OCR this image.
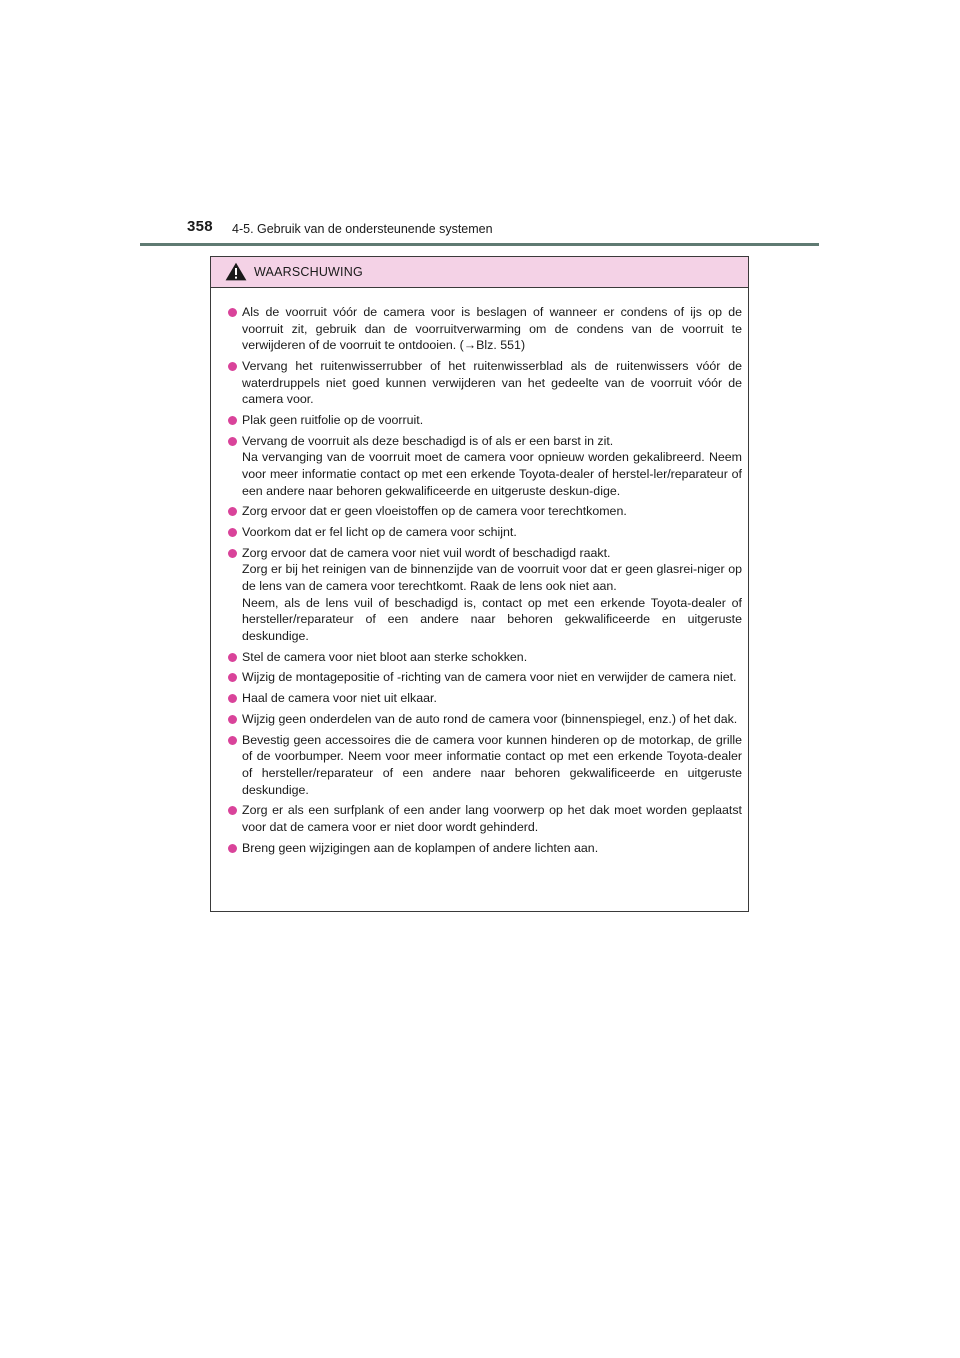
358 4-5. Gebruik van de ondersteunende systemen
WAARSCHUWING
Als de voorruit vóór de camera voor is beslagen of wanneer er condens of ijs op de voorruit zit, gebruik dan de voorruitverwarming om de condens van de voorruit te verwijderen of de voorruit te ontdooien. (→Blz. 551)
Vervang het ruitenwisserrubber of het ruitenwisserblad als de ruitenwissers vóór de waterdruppels niet goed kunnen verwijderen van het gedeelte van de voorruit vóór de camera voor.
Plak geen ruitfolie op de voorruit.
Vervang de voorruit als deze beschadigd is of als er een barst in zit.
Na vervanging van de voorruit moet de camera voor opnieuw worden gekalibreerd. Neem voor meer informatie contact op met een erkende Toyota-dealer of herstel-ler/reparateur of een andere naar behoren gekwalificeerde en uitgeruste deskun-dige.
Zorg ervoor dat er geen vloeistoffen op de camera voor terechtkomen.
Voorkom dat er fel licht op de camera voor schijnt.
Zorg ervoor dat de camera voor niet vuil wordt of beschadigd raakt.
Zorg er bij het reinigen van de binnenzijde van de voorruit voor dat er geen glasrei-niger op de lens van de camera voor terechtkomt. Raak de lens ook niet aan.
Neem, als de lens vuil of beschadigd is, contact op met een erkende Toyota-dealer of hersteller/reparateur of een andere naar behoren gekwalificeerde en uitgeruste deskundige.
Stel de camera voor niet bloot aan sterke schokken.
Wijzig de montagepositie of -richting van de camera voor niet en verwijder de camera niet.
Haal de camera voor niet uit elkaar.
Wijzig geen onderdelen van de auto rond de camera voor (binnenspiegel, enz.) of het dak.
Bevestig geen accessoires die de camera voor kunnen hinderen op de motorkap, de grille of de voorbumper. Neem voor meer informatie contact op met een erkende Toyota-dealer of hersteller/reparateur of een andere naar behoren gekwalificeerde en uitgeruste deskundige.
Zorg er als een surfplank of een ander lang voorwerp op het dak moet worden geplaatst voor dat de camera voor er niet door wordt gehinderd.
Breng geen wijzigingen aan de koplampen of andere lichten aan.
